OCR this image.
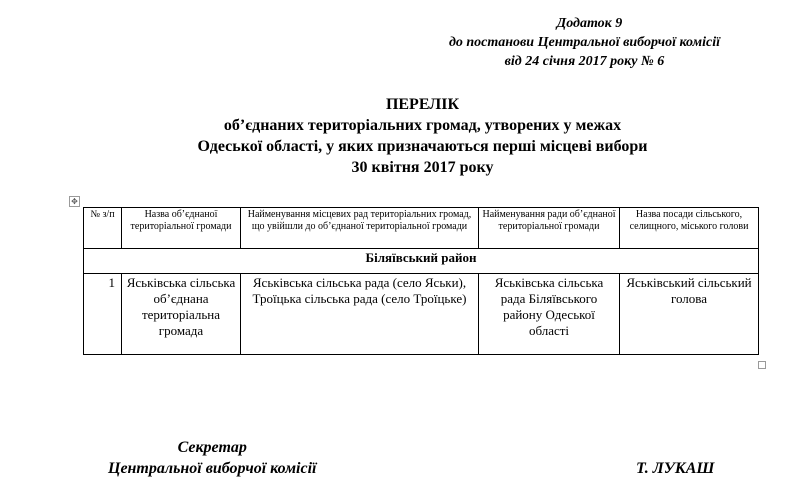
Додаток 9
до постанови Центральної виборчої комісії
від 24 січня 2017 року № 6
ПЕРЕЛІК
об’єднаних територіальних громад, утворених у межах
Одеської області, у яких призначаються перші місцеві вибори
30 квітня 2017 року
✥
№ з/п	Назва об’єднаної територіальної громади	Найменування місцевих рад територіальних громад, що увійшли до об’єднаної територіальної громади	Найменування ради об’єднаної територіальної громади	Назва посади сільського, селищного, міського голови
Біляївський район				
1	Яськівська сільська об’єднана територіальна громада	Яськівська сільська рада (село Яськи), Троїцька сільська рада (село Троїцьке)	Яськівська сільська рада Біляївського району Одеської області	Яськівський сільський голова
Секретар
Центральної виборчої комісії	Т. ЛУКАШ
